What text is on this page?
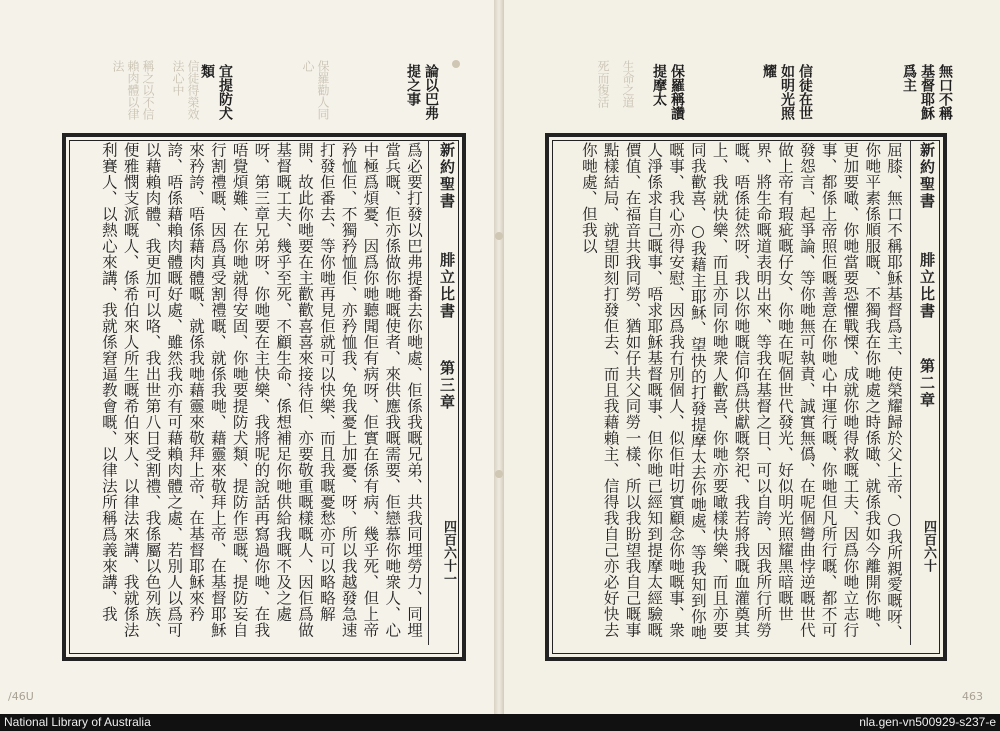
稱之以不信賴肉體以律法	信徒得榮效法心中	保羅勸人同心	死而復活 生命之道
論以巴弗提之事
宜提防犬類
新約聖書
腓立比書
第三章
四百六十一

爲必要打發以巴弗提番去你哋處、佢係我嘅兄弟、共我同埋勞力、同埋當兵嘅、佢亦係做你哋嘅使者、來供應我嘅需要、佢戀慕你哋衆人、心中極爲煩憂、因爲你哋聽聞佢有病呀、佢實在係有病、幾乎死、但上帝矜恤佢、不獨矜恤佢、亦矜恤我、免我憂上加憂、呀、所以我越發急速打發佢番去、等你哋再見佢就可以快樂、而且我嘅憂愁亦可以略略解開、故此你哋要在主歡歡喜喜來接待佢、亦要敬重嘅樣嘅人、因佢爲做基督嘅工夫、幾乎至死、不顧生命、係想補足你哋供給我嘅不及之處呀、第三章兄弟呀、你哋要在主快樂、我將呢的說話再寫過你哋、在我唔覺煩難、在你哋就得安固、你哋要提防犬類、提防作惡嘅、提防妄自行割禮嘅、因爲真受割禮嘅、就係我哋、藉靈來敬拜上帝、在基督耶穌來矜誇、唔係藉肉體嘅、就係我哋藉靈來敬拜上帝、在基督耶穌來矜誇、唔係藉賴肉體嘅好處、雖然我亦有可藉賴肉體之處、若別人以爲可以藉賴肉體、我更加可以咯、我出世第八日受割禮、我係屬以色列族、便雅憫支派嘅人、係希伯來人所生嘅希伯來人、以律法來講、我就係法利賽人、以熱心來講、我就係窘逼教會嘅、以律法所稱爲義來講、我

無口不稱基督耶穌爲主
信徒在世如明光照耀
保羅稱讚提摩太
新約聖書
腓立比書
第二章
四百六十

屈膝、無口不稱耶穌基督爲主、使榮耀歸於父上帝、○我所親愛嘅呀、你哋平素係順服嘅、不獨我在你哋處之時係噉、就係我如今離開你哋、更加要噉、你哋當要恐懼戰慄、成就你哋得救嘅工夫、因爲你哋立志行事、都係上帝照佢嘅善意在你哋心中運行嘅、你哋但凡所行嘅、都不可發怨言、起爭論、等你哋無可執責、誠實無僞、在呢個彎曲悖逆嘅世代做上帝有瑕疵嘅仔女、你哋在呢個世代發光、好似明光照耀黑暗嘅世界、將生命嘅道表明出來、等我在基督之日、可以自誇、因我所行所勞嘅、唔係徒然呀、我以你哋嘅信仰爲供獻嘅祭祀、我若將我嘅血灌奠其上、我就快樂、而且亦同你哋衆人歡喜、你哋亦要噉樣快樂、而且亦要同我歡喜、○我藉主耶穌、望快的打發提摩太去你哋處、等我知到你哋嘅事、我心亦得安慰、因爲我冇別個人、似佢咁切實顧念你哋嘅事、衆人淨係求自己嘅事、唔求耶穌基督嘅事、但你哋已經知到提摩太經驗嘅價值、在福音共我同勞、猶如仔共父同勞一樣、所以我盼望我自己嘅事點樣結局、就望即刻打發佢去、而且我藉賴主、信得我自己亦必好快去你哋處、但我以

/46U	463
National Library of Australia	nla.gen-vn500929-s237-e
